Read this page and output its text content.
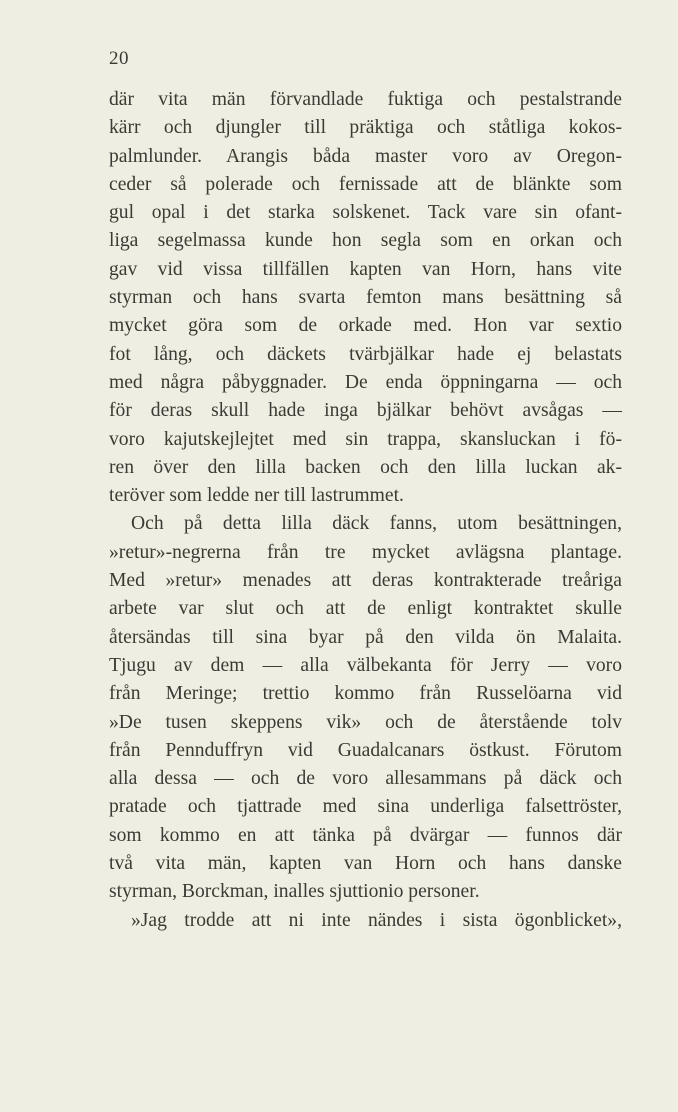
20
där vita män förvandlade fuktiga och pestalstrande
kärr och djungler till präktiga och ståtliga kokos-
palmlunder. Arangis båda master voro av Oregon-
ceder så polerade och fernissade att de blänkte som
gul opal i det starka solskenet. Tack vare sin ofant-
liga segelmassa kunde hon segla som en orkan och
gav vid vissa tillfällen kapten van Horn, hans vite
styrman och hans svarta femton mans besättning så
mycket göra som de orkade med. Hon var sextio
fot lång, och däckets tvärbjälkar hade ej belastats
med några påbyggnader. De enda öppningarna — och
för deras skull hade inga bjälkar behövt avsågas —
voro kajutskejlejtet med sin trappa, skansluckan i fö-
ren över den lilla backen och den lilla luckan ak-
teröver som ledde ner till lastrummet.
Och på detta lilla däck fanns, utom besättningen,
»retur»-negrerna från tre mycket avlägsna plantage.
Med »retur» menades att deras kontrakterade treåriga
arbete var slut och att de enligt kontraktet skulle
återsändas till sina byar på den vilda ön Malaita.
Tjugu av dem — alla välbekanta för Jerry — voro
från Meringe; trettio kommo från Russelöarna vid
»De tusen skeppens vik» och de återstående tolv
från Pennduffryn vid Guadalcanars östkust. Förutom
alla dessa — och de voro allesammans på däck och
pratade och tjattrade med sina underliga falsettröster,
som kommo en att tänka på dvärgar — funnos där
två vita män, kapten van Horn och hans danske
styrman, Borckman, inalles sjuttionio personer.
»Jag trodde att ni inte nändes i sista ögonblicket»,
